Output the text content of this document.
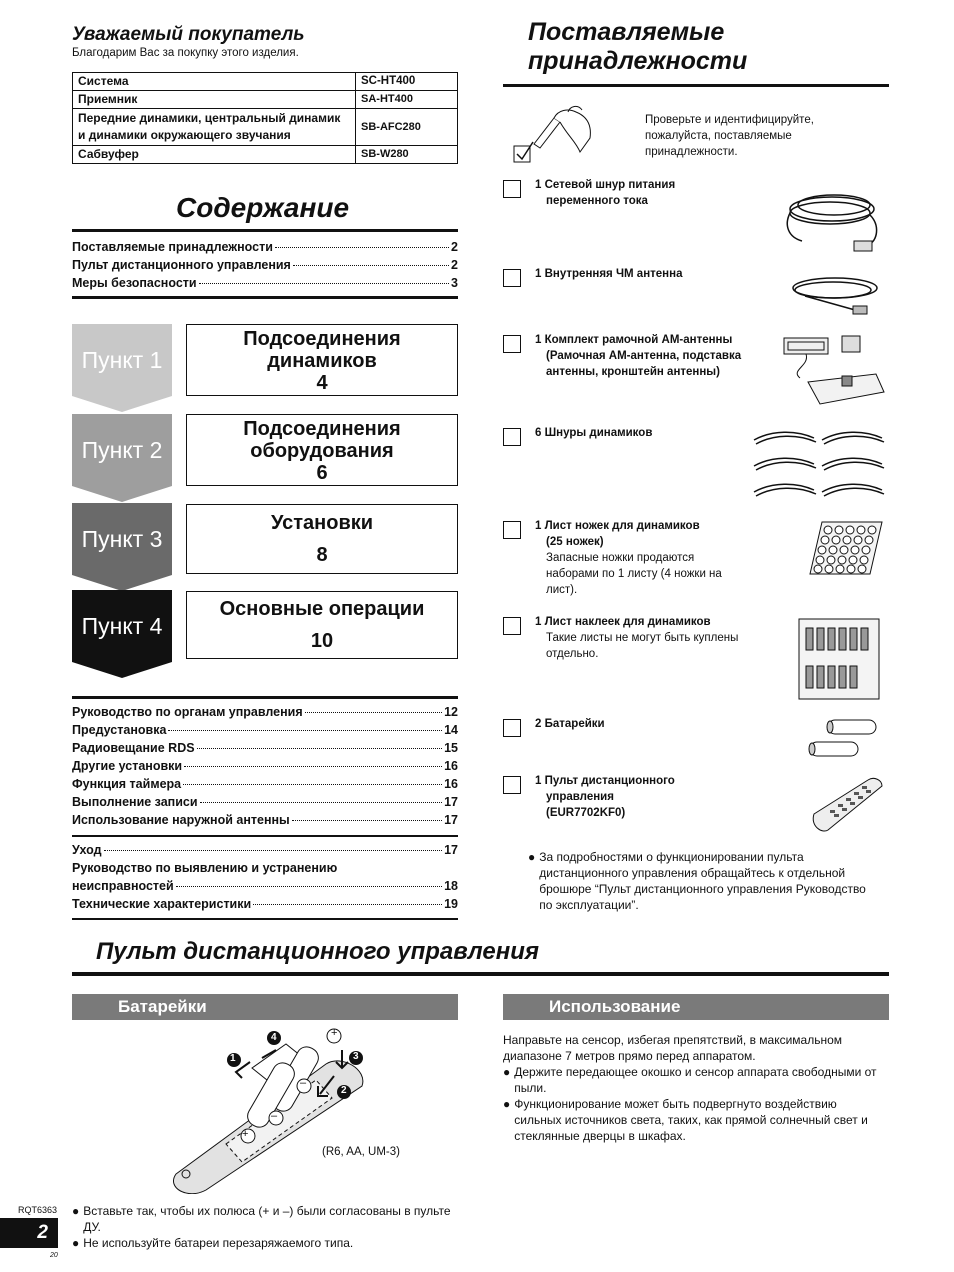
Уважаемый покупатель
Благодарим Вас за покупку этого изделия.
Система	SC-HT400
Приемник	SA-HT400
Передние динамики, центральный динамик и динамики окружающего звучания	SB-AFC280
Сабвуфер	SB-W280
Содержание
Поставляемые принадлежности	2
Пульт дистанционного управления	2
Меры безопасности	3
Пункт 1
Подсоединения
динамиков
4
Пункт 2
Подсоединения
оборудования
6
Пункт 3
Установки
8
Пункт 4
Основные операции
10
Руководство по органам управления	12
Предустановка	14
Радиовещание RDS	15
Другие установки	16
Функция таймера	16
Выполнение записи	17
Использование наружной антенны	17
Уход	17
Руководство по выявлению и устранению
неисправностей	18
Технические характеристики	19
Поставляемые
принадлежности
Проверьте и идентифицируйте, пожалуйста, поставляемые принадлежности.
1 Сетевой шнур питания
переменного тока
1 Внутренняя ЧМ антенна
1 Комплект рамочной АМ-антенны

(Рамочная АМ-антенна, подставка антенны, кронштейн антенны)
6 Шнуры динамиков
1 Лист ножек для динамиков
(25 ножек)
Запасные ножки продаются наборами по 1 листу (4 ножки на лист).
1 Лист наклеек для динамиков

Такие листы не могут быть куплены отдельно.
2 Батарейки
1 Пульт дистанционного
управления
(EUR7702KF0)
● За подробностями о функционировании пульта дистанционного управления обращайтесь к отдельной брошюре “Пульт дистанционного управления Руководство по эксплуатации”.
Пульт дистанционного управления
Батарейки	Использование
+
–
–
+
1
2
3
4
(R6, AA, UM-3)
● Вставьте так, чтобы их полюса (+ и –) были согласованы в пульте ДУ.
● Не используйте батареи перезаряжаемого типа.
Направьте на сенсор, избегая препятствий, в максимальном диапазоне 7 метров прямо перед аппаратом.
● Держите передающее окошко и сенсор аппарата свободными от пыли.
● Функционирование может быть подвергнуто воздействию сильных источников света, таких, как прямой солнечный свет и стеклянные дверцы в шкафах.
RQT6363
2
20
